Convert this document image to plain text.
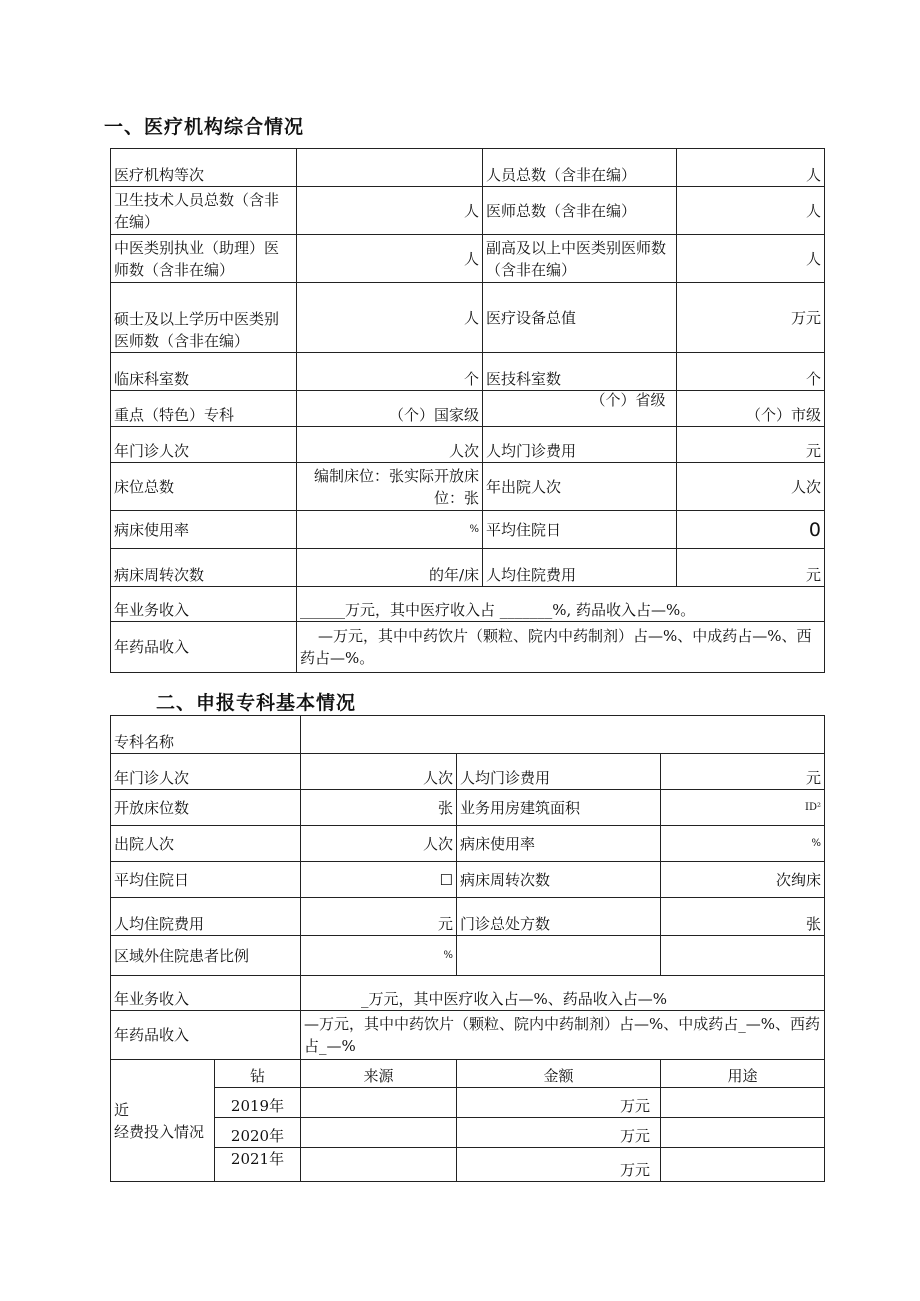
一、医疗机构综合情况
医疗机构等次		人员总数（含非在编）	人
卫生技术人员总数（含非在编）	人	医师总数（含非在编）	人
中医类别执业（助理）医师数（含非在编）	人	副高及以上中医类别医师数（含非在编）	人
硕士及以上学历中医类别医师数（含非在编）	人	医疗设备总值	万元
临床科室数	个	医技科室数	个
重点（特色）专科	（个）国家级	（个）省级	（个）市级
年门诊人次	人次	人均门诊费用	元
床位总数	编制床位：张实际开放床位：张	年出院人次	人次
病床使用率	%	平均住院日	0
病床周转次数	的年/床	人均住院费用	元
年业务收入	______万元，其中医疗收入占 _______%, 药品收入占—%。		
年药品收入	—万元，其中中药饮片（颗粒、院内中药制剂）占—%、中成药占—%、西药占—%。		
二、申报专科基本情况
专科名称				
年门诊人次		人次	人均门诊费用	元
开放床位数		张	业务用房建筑面积	ID²
出院人次		人次	病床使用率	%
平均住院日		☐	病床周转次数	次绚床
人均住院费用		元	门诊总处方数	张
区域外住院患者比例		%		
年业务收入		_万元，其中医疗收入占—%、药品收入占—%		
年药品收入		—万元，其中中药饮片（颗粒、院内中药制剂）占—%、中成药占_—%、西药占_—%		

近
经费投入情况	钻	来源	金额	用途
	2019年		万元	
	2020年		万元	
	2021年		万元	
